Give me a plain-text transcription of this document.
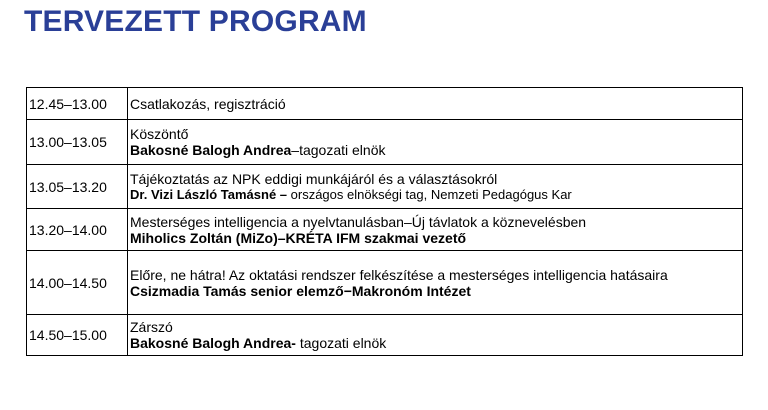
TERVEZETT PROGRAM
12.45–13.00	Csatlakozás, regisztráció

13.00–13.05	Köszöntő
Bakosné Balogh Andrea–tagozati elnök

13.05–13.20	Tájékoztatás az NPK eddigi munkájáról és a választásokról
Dr. Vizi László Tamásné – országos elnökségi tag, Nemzeti Pedagógus Kar

13.20–14.00	Mesterséges intelligencia a nyelvtanulásban–Új távlatok a köznevelésben
Miholics Zoltán (MiZo)–KRÉTA IFM szakmai vezető

14.00–14.50	Előre, ne hátra! Az oktatási rendszer felkészítése a mesterséges intelligencia hatásaira
Csizmadia Tamás senior elemző−Makronóm Intézet

14.50–15.00	Zárszó
Bakosné Balogh Andrea- tagozati elnök
